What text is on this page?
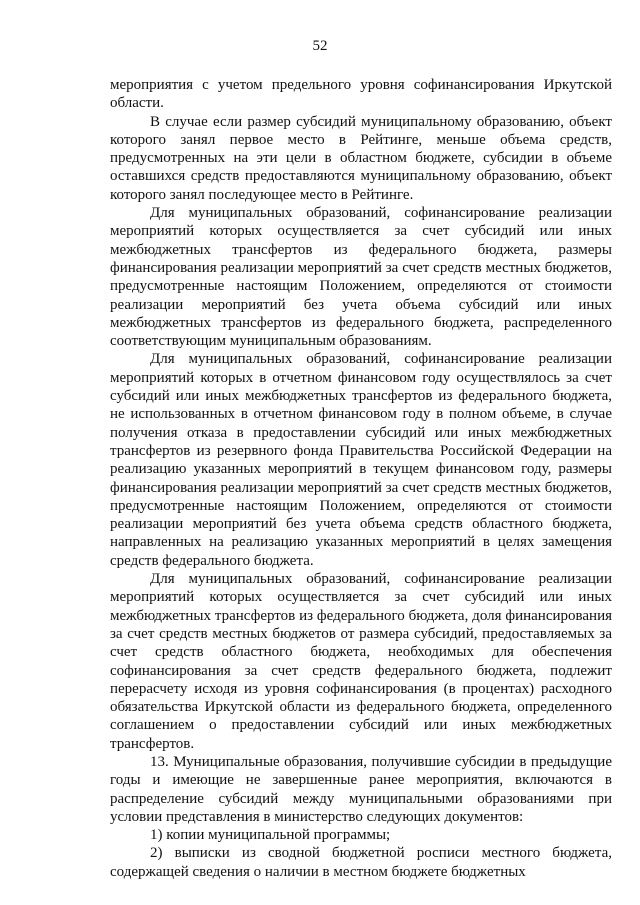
52

мероприятия с учетом предельного уровня софинансирования Иркутской области.

В случае если размер субсидий муниципальному образованию, объект которого занял первое место в Рейтинге, меньше объема средств, предусмотренных на эти цели в областном бюджете, субсидии в объеме оставшихся средств предоставляются муниципальному образованию, объект которого занял последующее место в Рейтинге.

Для муниципальных образований, софинансирование реализации мероприятий которых осуществляется за счет субсидий или иных межбюджетных трансфертов из федерального бюджета, размеры финансирования реализации мероприятий за счет средств местных бюджетов, предусмотренные настоящим Положением, определяются от стоимости реализации мероприятий без учета объема субсидий или иных межбюджетных трансфертов из федерального бюджета, распределенного соответствующим муниципальным образованиям.

Для муниципальных образований, софинансирование реализации мероприятий которых в отчетном финансовом году осуществлялось за счет субсидий или иных межбюджетных трансфертов из федерального бюджета, не использованных в отчетном финансовом году в полном объеме, в случае получения отказа в предоставлении субсидий или иных межбюджетных трансфертов из резервного фонда Правительства Российской Федерации на реализацию указанных мероприятий в текущем финансовом году, размеры финансирования реализации мероприятий за счет средств местных бюджетов, предусмотренные настоящим Положением, определяются от стоимости реализации мероприятий без учета объема средств областного бюджета, направленных на реализацию указанных мероприятий в целях замещения средств федерального бюджета.

Для муниципальных образований, софинансирование реализации мероприятий которых осуществляется за счет субсидий или иных межбюджетных трансфертов из федерального бюджета, доля финансирования за счет средств местных бюджетов от размера субсидий, предоставляемых за счет средств областного бюджета, необходимых для обеспечения софинансирования за счет средств федерального бюджета, подлежит перерасчету исходя из уровня софинансирования (в процентах) расходного обязательства Иркутской области из федерального бюджета, определенного соглашением о предоставлении субсидий или иных межбюджетных трансфертов.

13. Муниципальные образования, получившие субсидии в предыдущие годы и имеющие не завершенные ранее мероприятия, включаются в распределение субсидий между муниципальными образованиями при условии представления в министерство следующих документов:

1) копии муниципальной программы;

2) выписки из сводной бюджетной росписи местного бюджета, содержащей сведения о наличии в местном бюджете бюджетных
